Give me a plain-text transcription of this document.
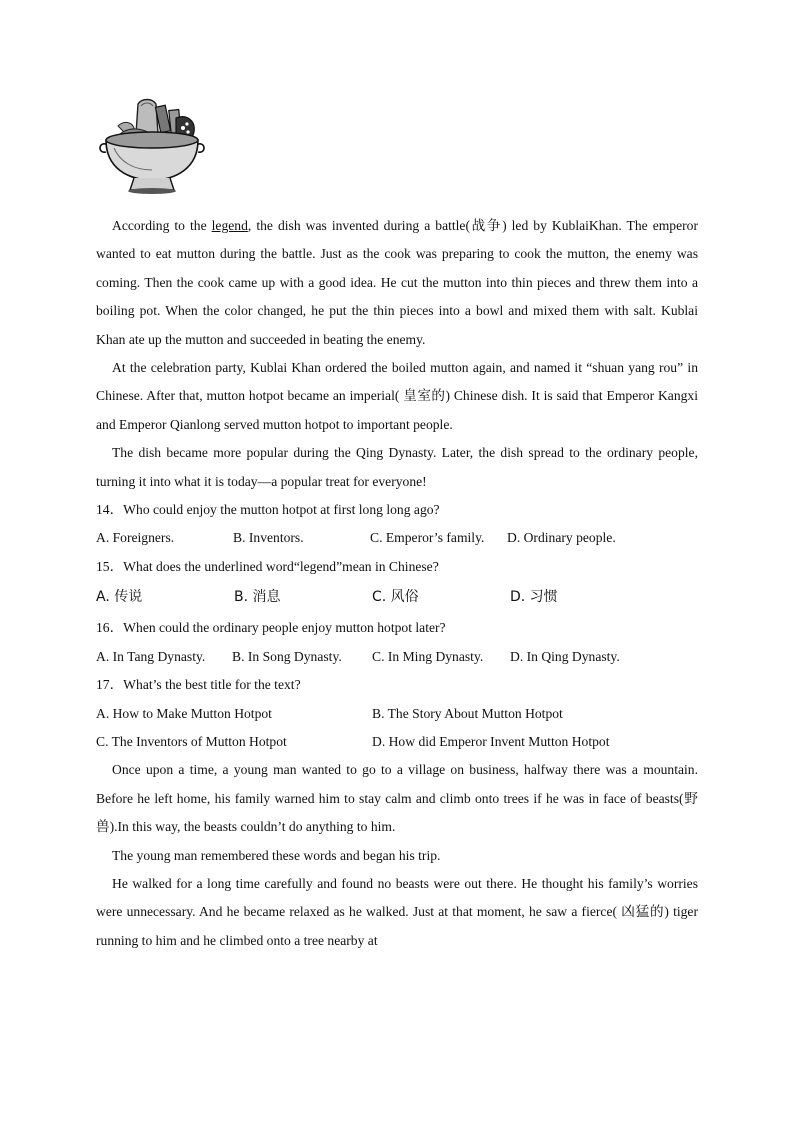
According to the legend, the dish was invented during a battle(战争) led by KublaiKhan. The emperor wanted to eat mutton during the battle. Just as the cook was preparing to cook the mutton, the enemy was coming. Then the cook came up with a good idea. He cut the mutton into thin pieces and threw them into a boiling pot. When the color changed, he put the thin pieces into a bowl and mixed them with salt. Kublai Khan ate up the mutton and succeeded in beating the enemy.

At the celebration party, Kublai Khan ordered the boiled mutton again, and named it “shuan yang rou” in Chinese. After that, mutton hotpot became an imperial( 皇室的) Chinese dish. It is said that Emperor Kangxi and Emperor Qianlong served mutton hotpot to important people.

The dish became more popular during the Qing Dynasty. Later, the dish spread to the ordinary people, turning it into what it is today—a popular treat for everyone!

14．Who could enjoy the mutton hotpot at first long long ago?

A. Foreigners.	B. Inventors.	C. Emperor’s family.	D. Ordinary people.

15．What does the underlined word“legend”mean in Chinese?

A. 传说	B. 消息	C. 风俗	D. 习惯

16．When could the ordinary people enjoy mutton hotpot later?

A. In Tang Dynasty.	B. In Song Dynasty.	C. In Ming Dynasty.	D. In Qing Dynasty.

17．What’s the best title for the text?

A. How to Make Mutton Hotpot	B. The Story About Mutton Hotpot
C. The Inventors of Mutton Hotpot	D. How did Emperor Invent Mutton Hotpot

Once upon a time, a young man wanted to go to a village on business, halfway there was a mountain. Before he left home, his family warned him to stay calm and climb onto trees if he was in face of beasts(野兽).In this way, the beasts couldn’t do anything to him.

The young man remembered these words and began his trip.

He walked for a long time carefully and found no beasts were out there. He thought his family’s worries were unnecessary. And he became relaxed as he walked. Just at that moment, he saw a fierce( 凶猛的) tiger running to him and he climbed onto a tree nearby at
